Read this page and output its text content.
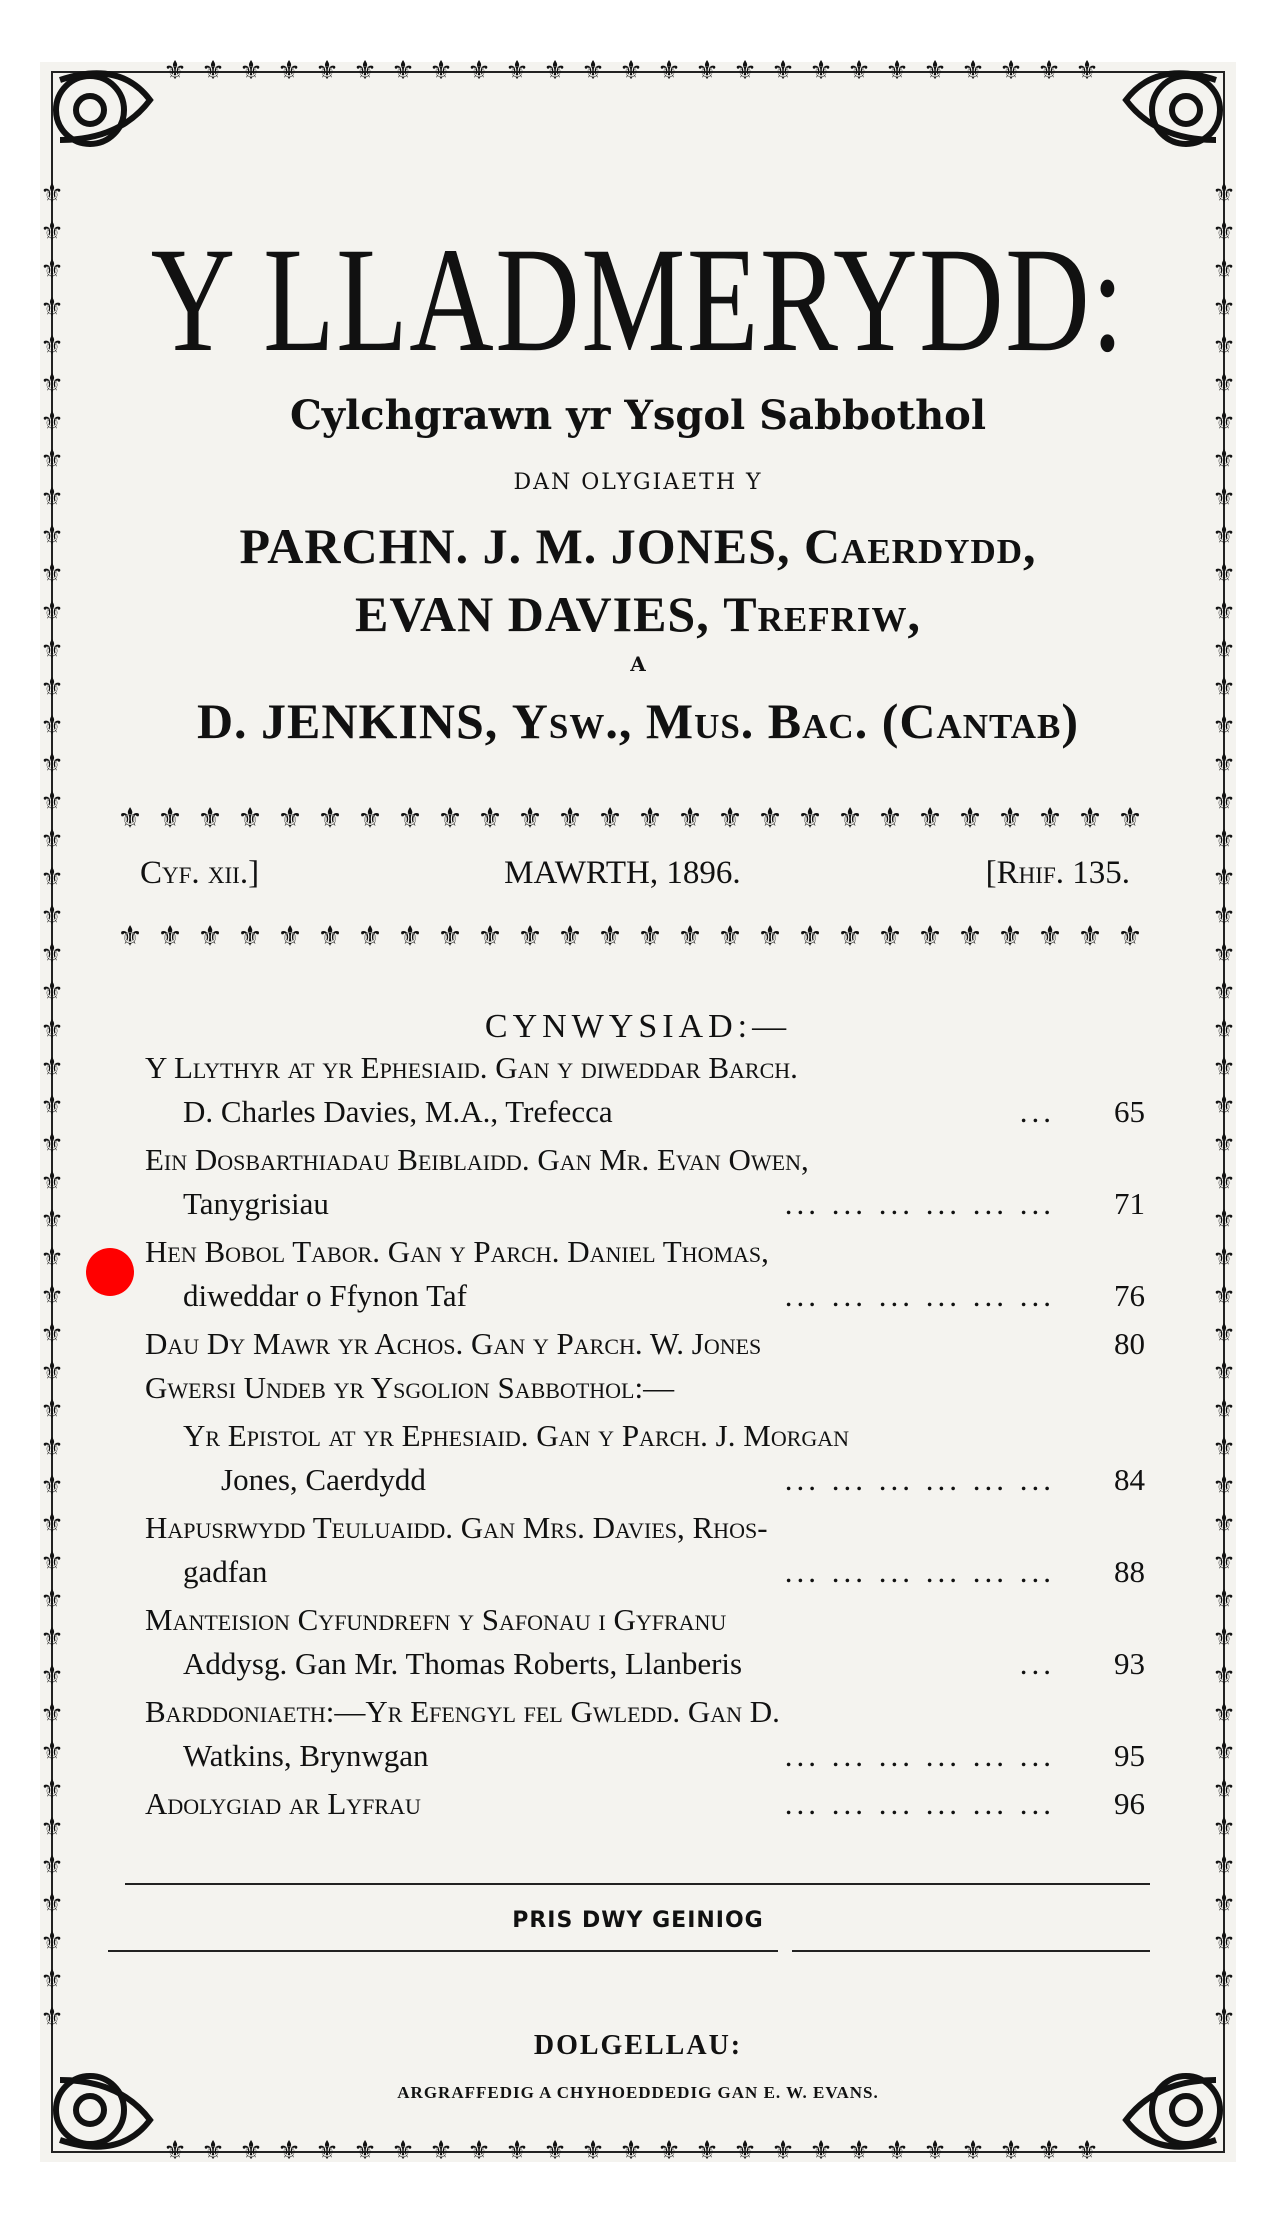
⚜
⚜
⚜
⚜
⚜
⚜
⚜
⚜
⚜
⚜
⚜
⚜
⚜
⚜
⚜
⚜
⚜
⚜
⚜
⚜
⚜
⚜
⚜
⚜
⚜
⚜
⚜
⚜
⚜
⚜
⚜
⚜
⚜
⚜
⚜
⚜
⚜
⚜
⚜
⚜
⚜
⚜
⚜
⚜
⚜
⚜
⚜
⚜
⚜
⚜
⚜
⚜
⚜
⚜
⚜
⚜
⚜
⚜
⚜
⚜
⚜
⚜
⚜
⚜
⚜
⚜
⚜
⚜
⚜
⚜
⚜
⚜
⚜
⚜
⚜
⚜
⚜
⚜
⚜
⚜
⚜
⚜
⚜
⚜
⚜
⚜
⚜
⚜
⚜
⚜
⚜
⚜
⚜
⚜
⚜
⚜
⚜
⚜
⚜ ⚜ ⚜ ⚜ ⚜ ⚜ ⚜ ⚜ ⚜ ⚜ ⚜ ⚜ ⚜ ⚜ ⚜ ⚜ ⚜ ⚜ ⚜ ⚜ ⚜ ⚜ ⚜ ⚜ ⚜
⚜ ⚜ ⚜ ⚜ ⚜ ⚜ ⚜ ⚜ ⚜ ⚜ ⚜ ⚜ ⚜ ⚜ ⚜ ⚜ ⚜ ⚜ ⚜ ⚜ ⚜ ⚜ ⚜ ⚜ ⚜
Y LLADMERYDD:
Cylchgrawn yr Ysgol Sabbothol
DAN OLYGIAETH Y
PARCHN. J. M. JONES, Caerdydd,
EVAN DAVIES, Trefriw,
A
D. JENKINS, Ysw., Mus. Bac. (Cantab)
⚜ ⚜ ⚜ ⚜ ⚜ ⚜ ⚜ ⚜ ⚜ ⚜ ⚜ ⚜ ⚜ ⚜ ⚜ ⚜ ⚜ ⚜ ⚜ ⚜ ⚜ ⚜ ⚜ ⚜ ⚜ ⚜
Cyf. xii.]	MAWRTH, 1896.	[Rhif. 135.
⚜ ⚜ ⚜ ⚜ ⚜ ⚜ ⚜ ⚜ ⚜ ⚜ ⚜ ⚜ ⚜ ⚜ ⚜ ⚜ ⚜ ⚜ ⚜ ⚜ ⚜ ⚜ ⚜ ⚜ ⚜ ⚜
CYNWYSIAD:—
Y Llythyr at yr Ephesiaid. Gan y diweddar Barch.
D. Charles Davies, M.A., Trefecca	...	65
Ein Dosbarthiadau Beiblaidd. Gan Mr. Evan Owen,
Tanygrisiau	... ... ... ... ... ...	71
Hen Bobol Tabor. Gan y Parch. Daniel Thomas,
diweddar o Ffynon Taf	... ... ... ... ... ...	76
Dau Dy Mawr yr Achos. Gan y Parch. W. Jones	80
Gwersi Undeb yr Ysgolion Sabbothol:—
Yr Epistol at yr Ephesiaid. Gan y Parch. J. Morgan
Jones, Caerdydd	... ... ... ... ... ...	84
Hapusrwydd Teuluaidd. Gan Mrs. Davies, Rhos-
gadfan	... ... ... ... ... ...	88
Manteision Cyfundrefn y Safonau i Gyfranu
Addysg. Gan Mr. Thomas Roberts, Llanberis	...	93
Barddoniaeth:—Yr Efengyl fel Gwledd. Gan D.
Watkins, Brynwgan	... ... ... ... ... ...	95
Adolygiad ar Lyfrau	... ... ... ... ... ...	96
PRIS DWY GEINIOG
DOLGELLAU:
ARGRAFFEDIG A CHYHOEDDEDIG GAN E. W. EVANS.
